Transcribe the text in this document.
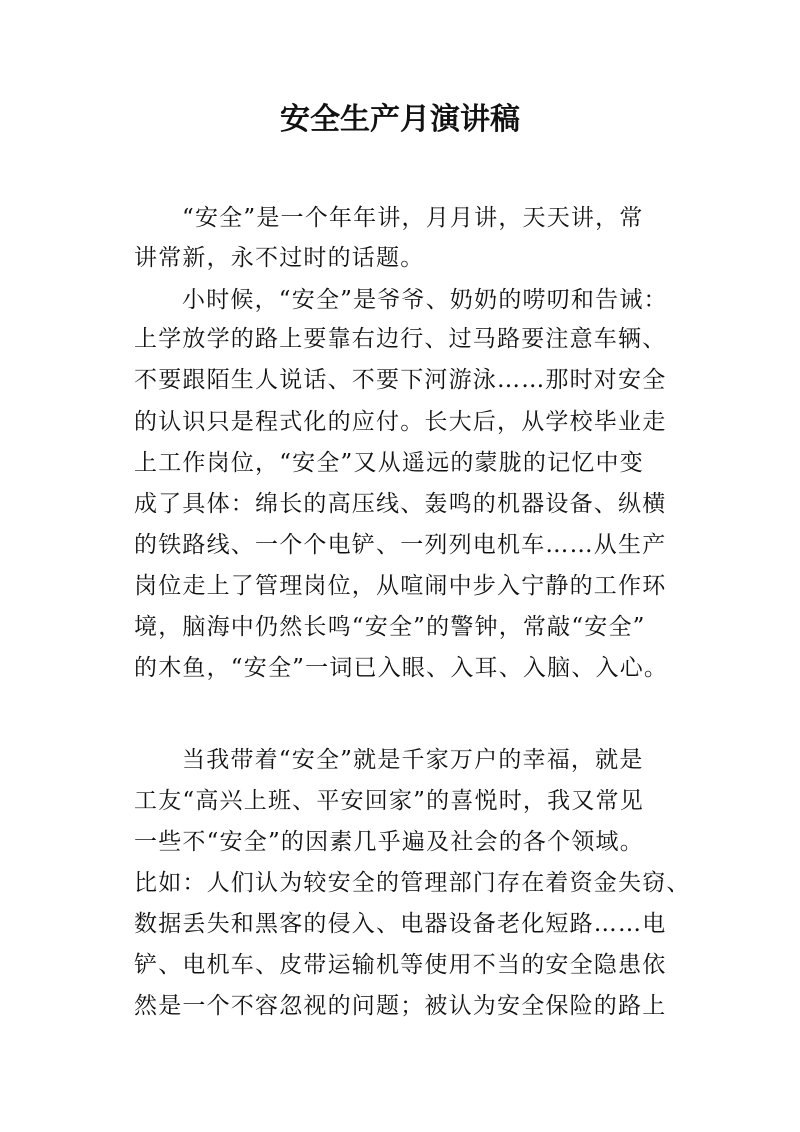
安全生产月演讲稿
“安全”是一个年年讲，月月讲，天天讲，常
讲常新，永不过时的话题。
小时候，“安全”是爷爷、奶奶的唠叨和告诫：
上学放学的路上要靠右边行、过马路要注意车辆、
不要跟陌生人说话、不要下河游泳……那时对安全
的认识只是程式化的应付。长大后，从学校毕业走
上工作岗位，“安全”又从遥远的蒙胧的记忆中变
成了具体：绵长的高压线、轰鸣的机器设备、纵横
的铁路线、一个个电铲、一列列电机车……从生产
岗位走上了管理岗位，从喧闹中步入宁静的工作环
境，脑海中仍然长鸣“安全”的警钟，常敲“安全”
的木鱼，“安全”一词已入眼、入耳、入脑、入心。
当我带着“安全”就是千家万户的幸福，就是
工友“高兴上班、平安回家”的喜悦时，我又常见
一些不“安全”的因素几乎遍及社会的各个领域。
比如：人们认为较安全的管理部门存在着资金失窃、
数据丢失和黑客的侵入、电器设备老化短路……电
铲、电机车、皮带运输机等使用不当的安全隐患依
然是一个不容忽视的问题；被认为安全保险的路上
